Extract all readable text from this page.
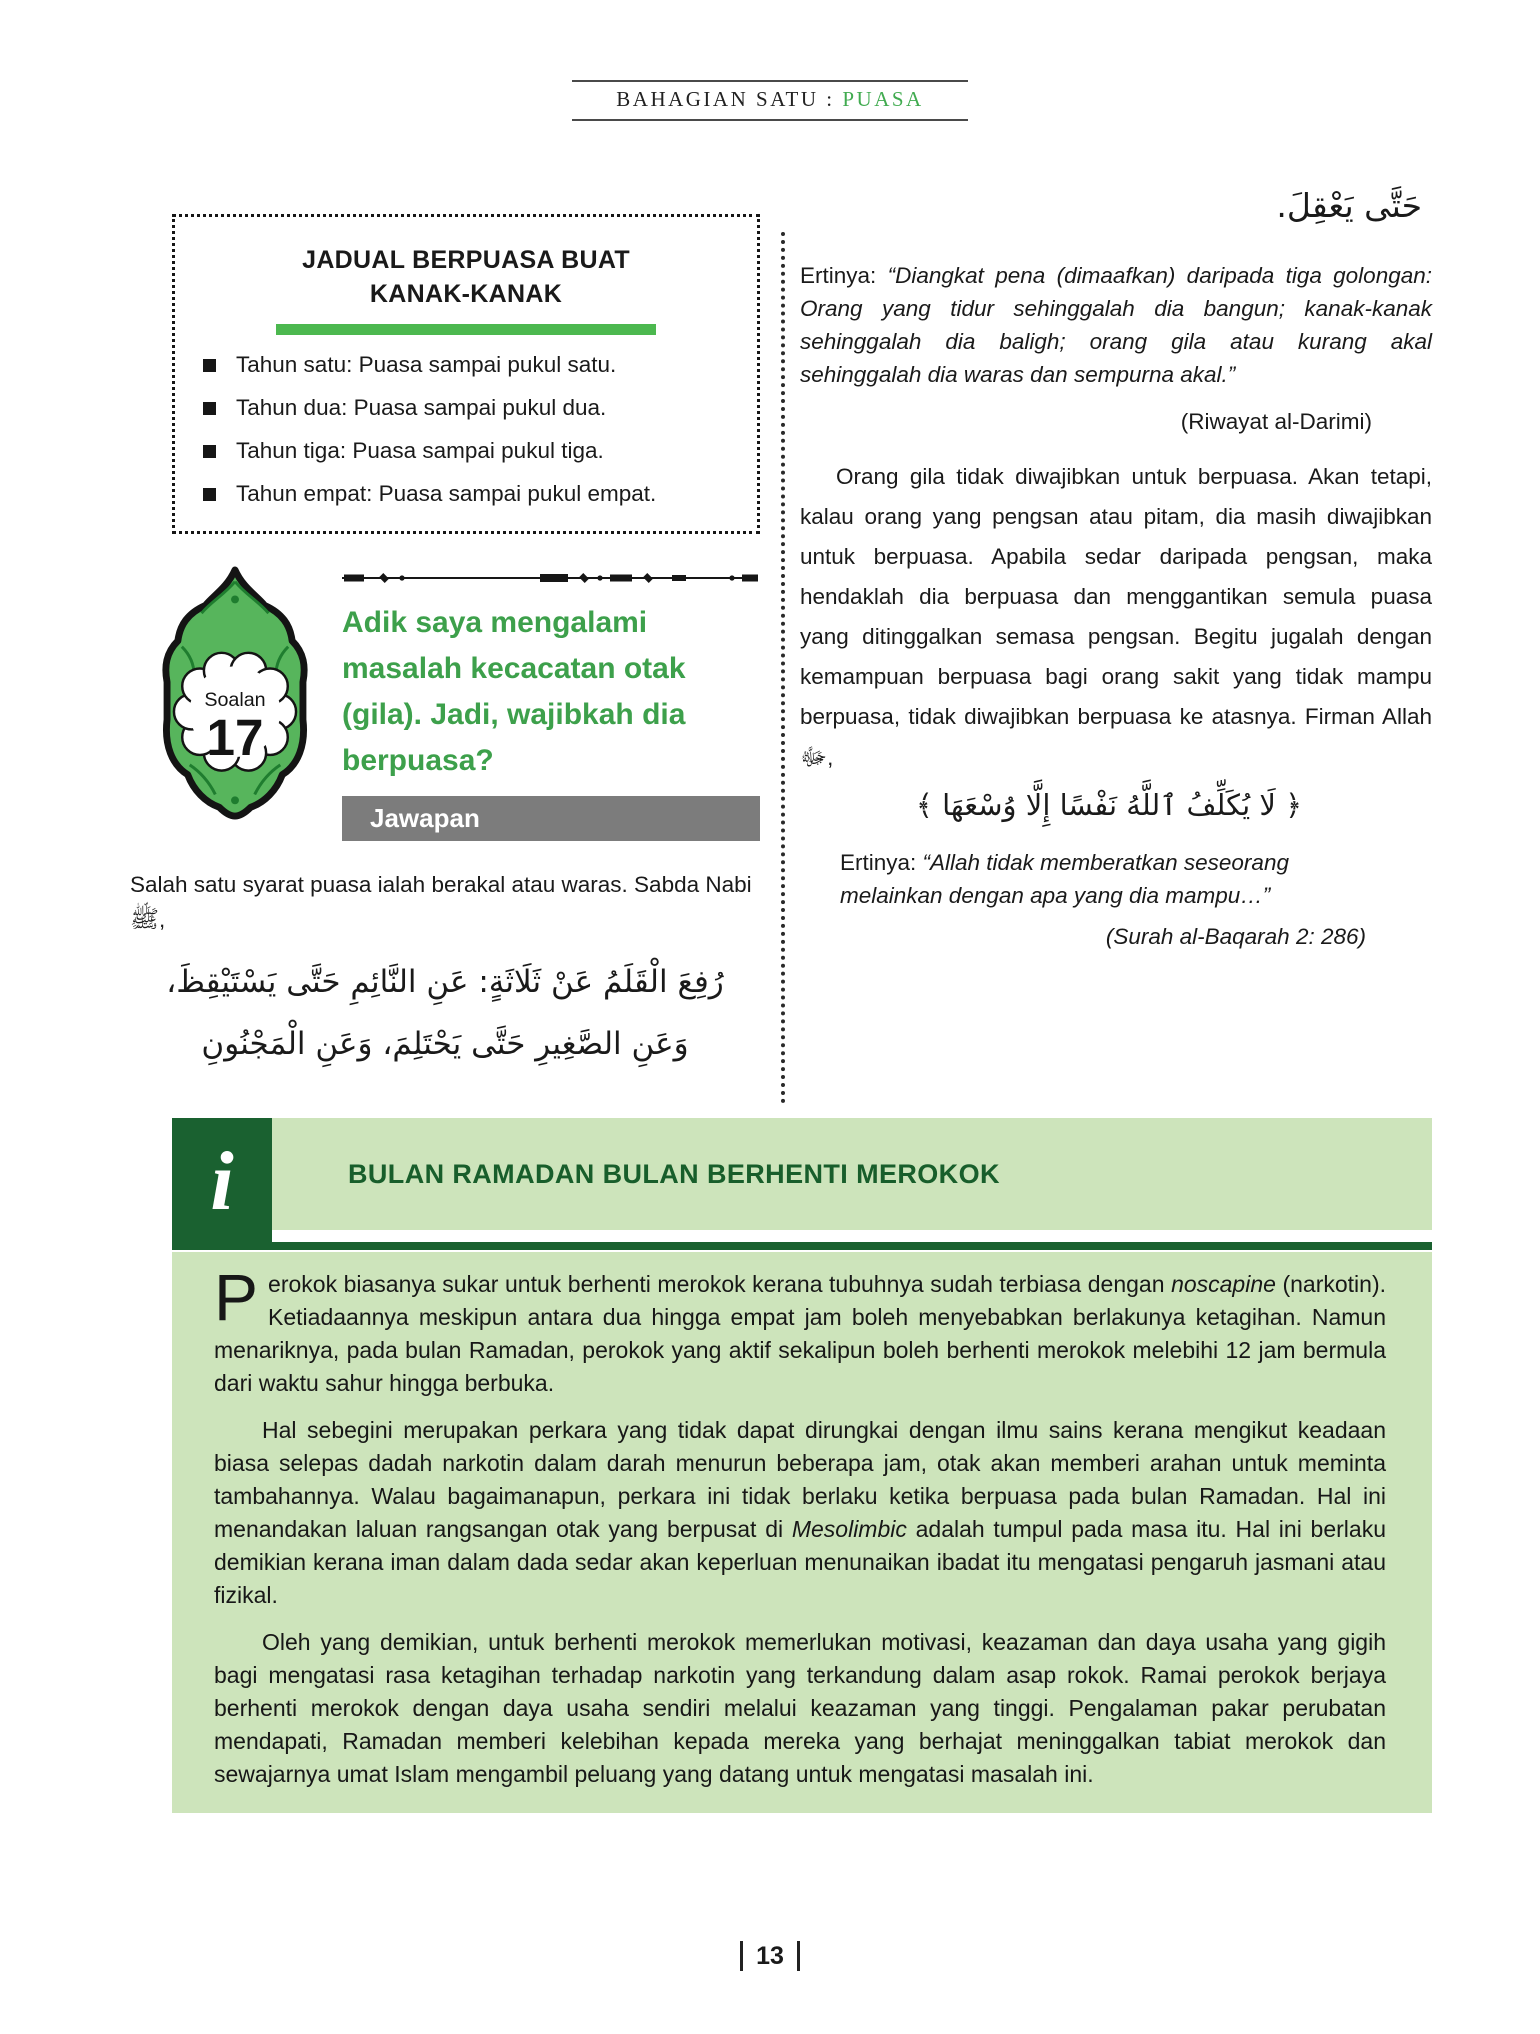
BAHAGIAN SATU : PUASA
JADUAL BERPUASA BUAT
KANAK-KANAK
Tahun satu: Puasa sampai pukul satu.
Tahun dua: Puasa sampai pukul dua.
Tahun tiga: Puasa sampai pukul tiga.
Tahun empat: Puasa sampai pukul empat.
Soalan
17
Adik saya mengalami masalah kecacatan otak (gila). Jadi, wajibkah dia berpuasa?
Jawapan
Salah satu syarat puasa ialah berakal atau waras. Sabda Nabi ﷺ,
رُفِعَ الْقَلَمُ عَنْ ثَلَاثَةٍ: عَنِ النَّائِمِ حَتَّى يَسْتَيْقِظَ،
وَعَنِ الصَّغِيرِ حَتَّى يَحْتَلِمَ، وَعَنِ الْمَجْنُونِ
حَتَّى يَعْقِلَ.
Ertinya: “Diangkat pena (dimaafkan) daripada tiga golongan: Orang yang tidur sehinggalah dia bangun; kanak-kanak sehinggalah dia baligh; orang gila atau kurang akal sehinggalah dia waras dan sempurna akal.”
(Riwayat al-Darimi)
Orang gila tidak diwajibkan untuk berpuasa. Akan tetapi, kalau orang yang pengsan atau pitam, dia masih diwajibkan untuk berpuasa. Apabila sedar daripada pengsan, maka hendaklah dia berpuasa dan menggantikan semula puasa yang ditinggalkan semasa pengsan. Begitu jugalah dengan kemampuan berpuasa bagi orang sakit yang tidak mampu berpuasa, tidak diwajibkan berpuasa ke atasnya. Firman Allah ﷻ,
﴿ لَا يُكَلِّفُ ٱللَّهُ نَفْسًا إِلَّا وُسْعَهَا ﴾
Ertinya: “Allah tidak memberatkan seseorang melainkan dengan apa yang dia mampu…”
(Surah al-Baqarah 2: 286)
i	BULAN RAMADAN BULAN BERHENTI MEROKOK

Perokok biasanya sukar untuk berhenti merokok kerana tubuhnya sudah terbiasa dengan noscapine (narkotin). Ketiadaannya meskipun antara dua hingga empat jam boleh menyebabkan berlakunya ketagihan. Namun menariknya, pada bulan Ramadan, perokok yang aktif sekalipun boleh berhenti merokok melebihi 12 jam bermula dari waktu sahur hingga berbuka.

Hal sebegini merupakan perkara yang tidak dapat dirungkai dengan ilmu sains kerana mengikut keadaan biasa selepas dadah narkotin dalam darah menurun beberapa jam, otak akan memberi arahan untuk meminta tambahannya. Walau bagaimanapun, perkara ini tidak berlaku ketika berpuasa pada bulan Ramadan. Hal ini menandakan laluan rangsangan otak yang berpusat di Mesolimbic adalah tumpul pada masa itu. Hal ini berlaku demikian kerana iman dalam dada sedar akan keperluan menunaikan ibadat itu mengatasi pengaruh jasmani atau fizikal.

Oleh yang demikian, untuk berhenti merokok memerlukan motivasi, keazaman dan daya usaha yang gigih bagi mengatasi rasa ketagihan terhadap narkotin yang terkandung dalam asap rokok. Ramai perokok berjaya berhenti merokok dengan daya usaha sendiri melalui keazaman yang tinggi. Pengalaman pakar perubatan mendapati, Ramadan memberi kelebihan kepada mereka yang berhajat meninggalkan tabiat merokok dan sewajarnya umat Islam mengambil peluang yang datang untuk mengatasi masalah ini.

13
